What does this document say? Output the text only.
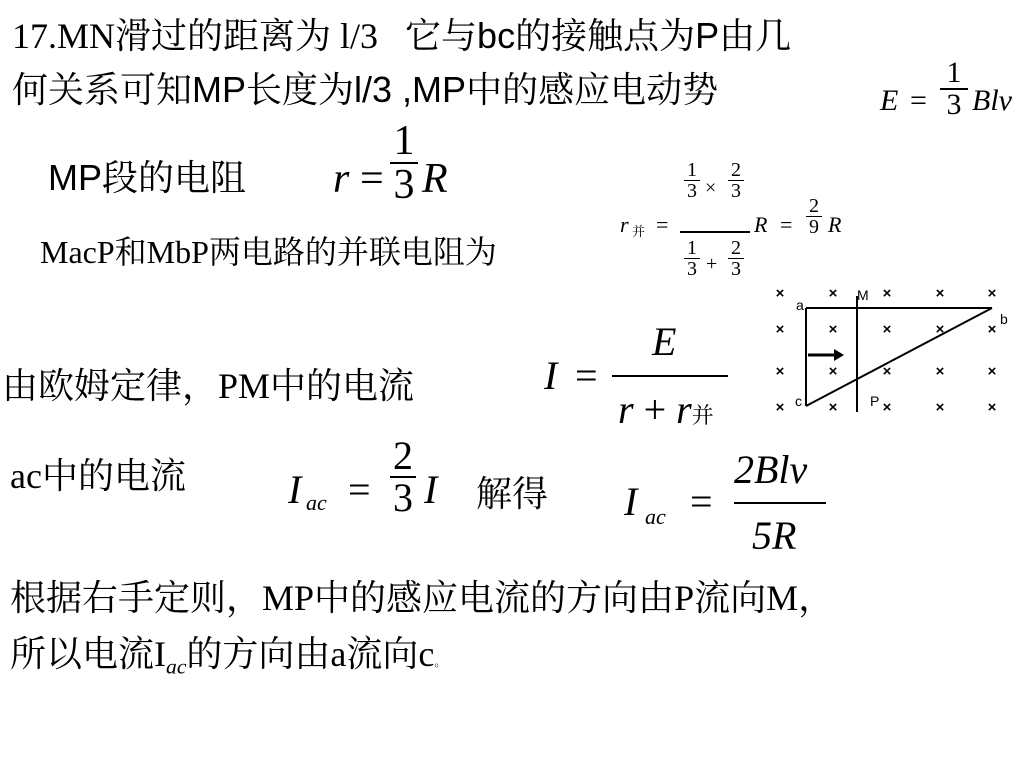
17.MN滑过的距离为 l/3 它与bc的接触点为P由几
何关系可知MP长度为l/3 ,MP中的感应电动势	E =
1
3 Blv
MP段的电阻 r =
1
3 R
MacP和MbP两电路的并联电阻为
r 并 =
1
3 ×
2
3
1
3 +
2
3
R =
2
9 R
×	×	×	×	×
×	×	×	×	×
×	×	×	×	×
×	×	×	×	×
a
b
c
M
P
由欧姆定律，PM中的电流	I =
E
r + r并
ac中的电流	I ac =
2
3 I 解得 I ac =
2Blv
5R
根据右手定则，MP中的感应电流的方向由P流向M，
所以电流$I_{ac}$的方向由a流向c。
